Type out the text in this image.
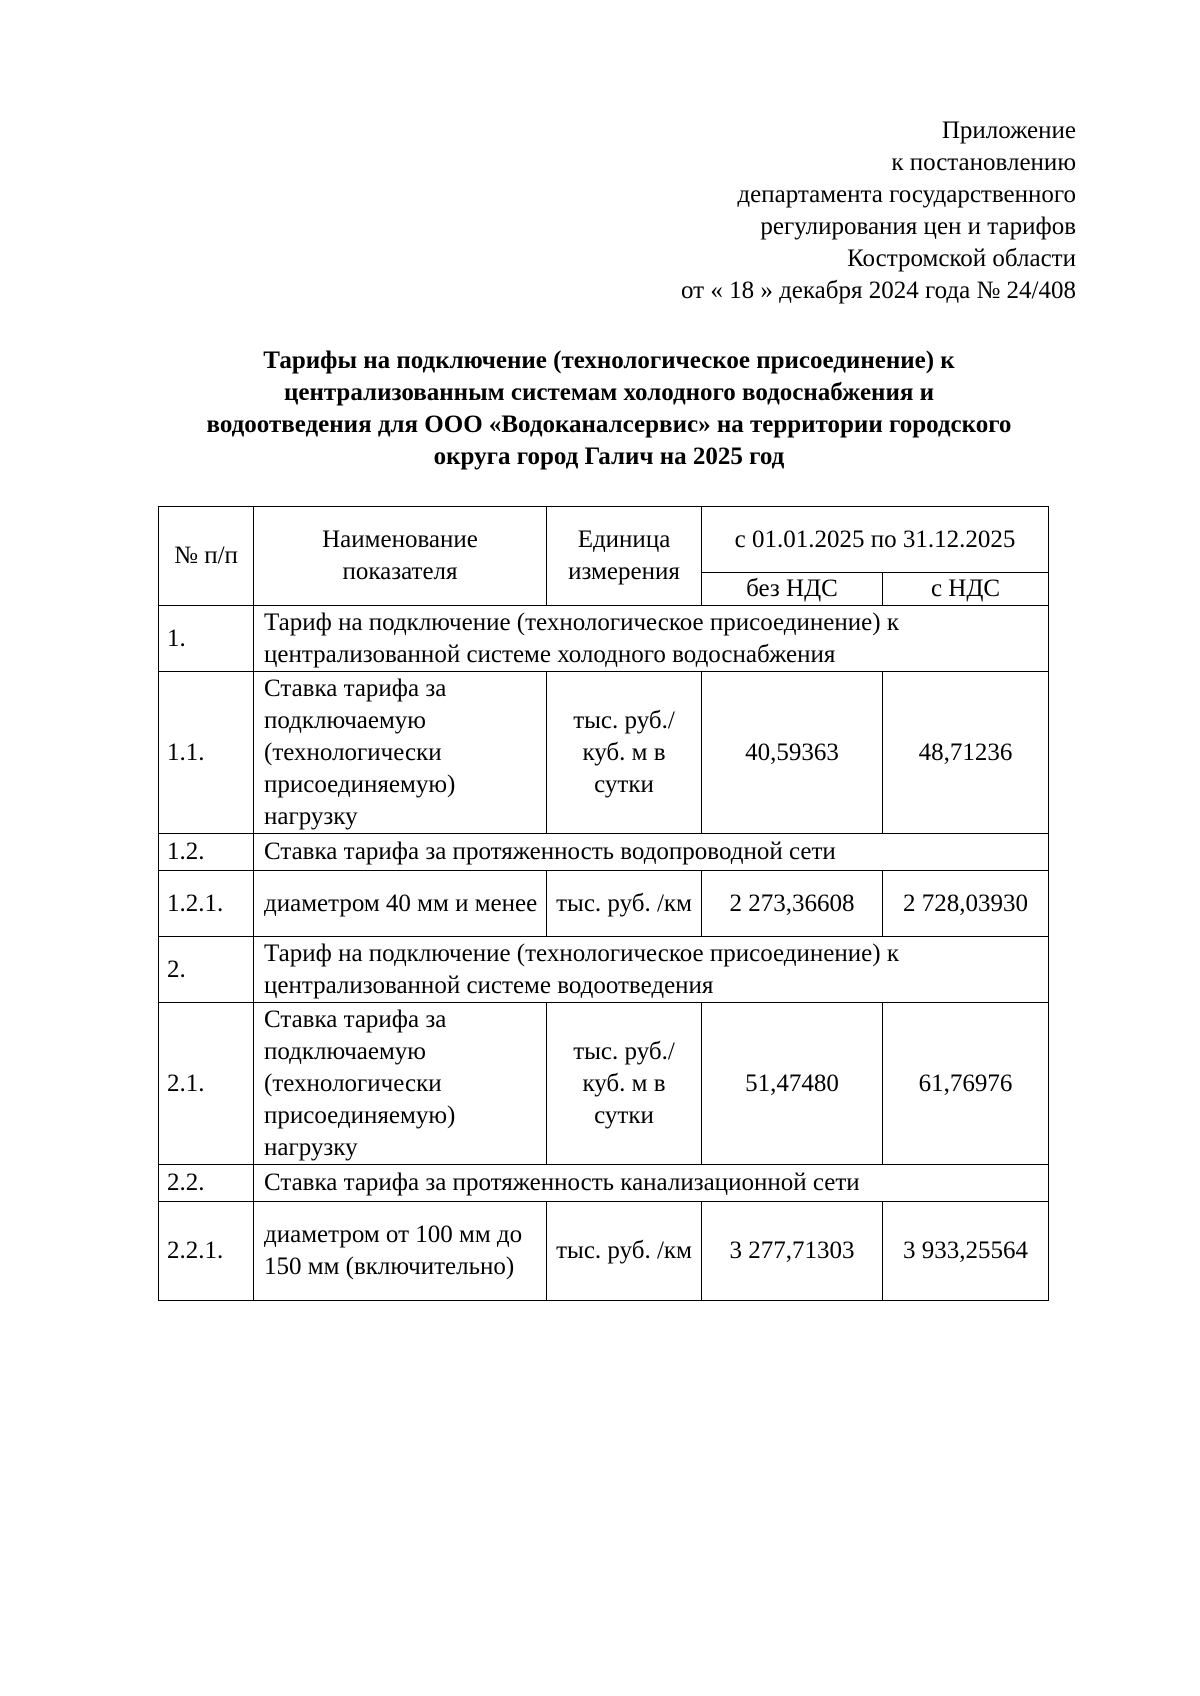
Приложение
к постановлению
департамента государственного
регулирования цен и тарифов
Костромской области
от « 18 » декабря 2024 года № 24/408
Тарифы на подключение (технологическое присоединение) к
централизованным системам холодного водоснабжения и
водоотведения для ООО «Водоканалсервис» на территории городского
округа город Галич на 2025 год
№ п/п	Наименование показателя	Единица измерения	с 01.01.2025 по 31.12.2025	
			без НДС	с НДС
1.	Тариф на подключение (технологическое присоединение) к централизованной системе холодного водоснабжения			
1.1.	Ставка тарифа за подключаемую (технологически присоединяемую) нагрузку	тыс. руб./ куб. м в сутки	40,59363	48,71236
1.2.	Ставка тарифа за протяженность водопроводной сети			
1.2.1.	диаметром 40 мм и менее	тыс. руб. /км	2 273,36608	2 728,03930
2.	Тариф на подключение (технологическое присоединение) к централизованной системе водоотведения			
2.1.	Ставка тарифа за подключаемую (технологически присоединяемую) нагрузку	тыс. руб./ куб. м в сутки	51,47480	61,76976
2.2.	Ставка тарифа за протяженность канализационной сети			
2.2.1.	диаметром от 100 мм до 150 мм (включительно)	тыс. руб. /км	3 277,71303	3 933,25564
